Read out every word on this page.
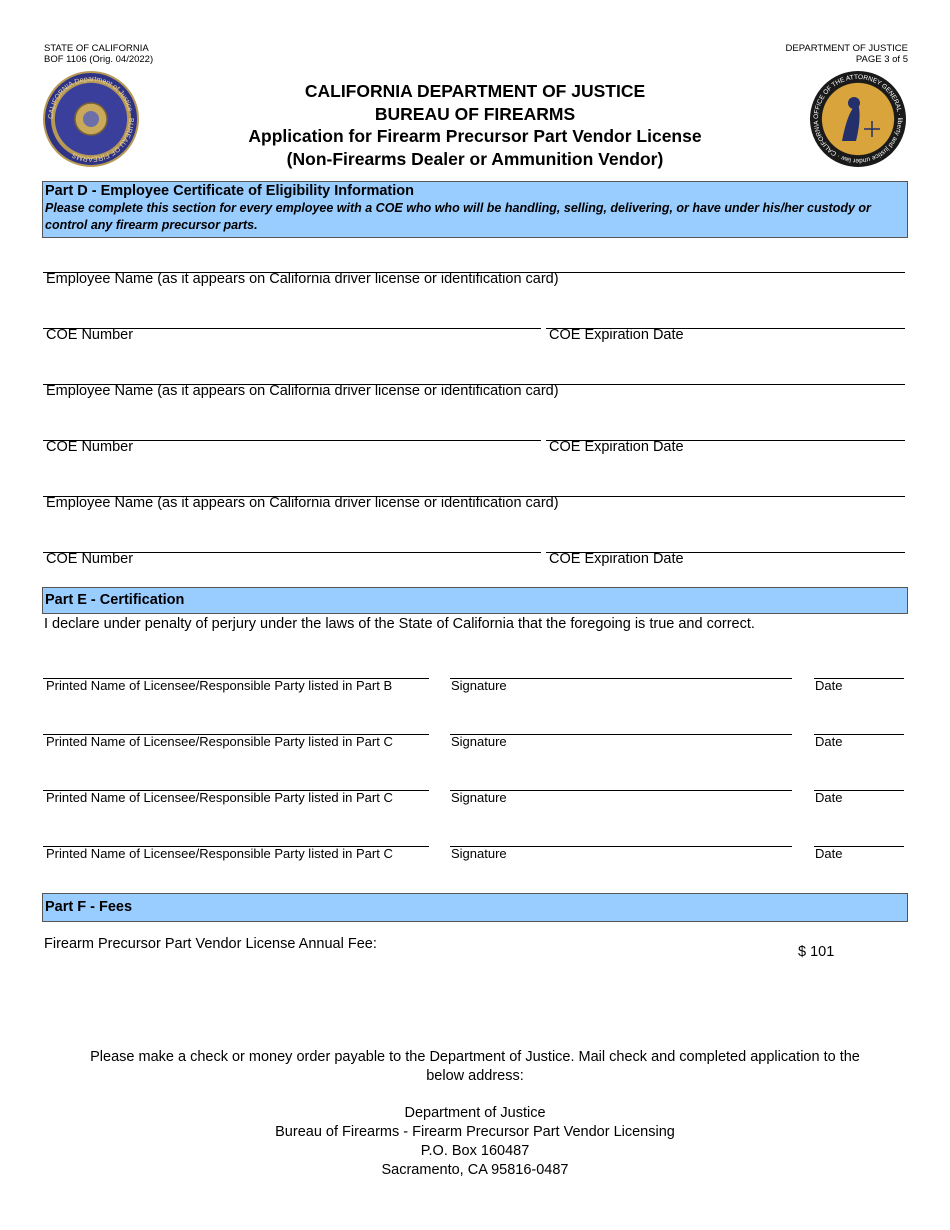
STATE OF CALIFORNIA
BOF 1106 (Orig. 04/2022)
DEPARTMENT OF JUSTICE
PAGE 3 of 5
CALIFORNIA Department of Justice · BUREAU OF FIREARMS
OFFICE OF THE ATTORNEY GENERAL · liberty and justice under law · CALIFORNIA
CALIFORNIA DEPARTMENT OF JUSTICE
BUREAU OF FIREARMS
Application for Firearm Precursor Part Vendor License
(Non-Firearms Dealer or Ammunition Vendor)
Part D - Employee Certificate of Eligibility Information
Please complete this section for every employee with a COE who who will be handling, selling, delivering, or have under his/her custody or control any firearm precursor parts.
Employee Name (as it appears on California driver license or identification card)
COE Number	COE Expiration Date
Employee Name (as it appears on California driver license or identification card)
COE Number	COE Expiration Date
Employee Name (as it appears on California driver license or identification card)
COE Number	COE Expiration Date
Part E - Certification
I declare under penalty of perjury under the laws of the State of California that the foregoing is true and correct.
Printed Name of Licensee/Responsible Party listed in Part B	Signature	Date
Printed Name of Licensee/Responsible Party listed in Part C	Signature	Date
Printed Name of Licensee/Responsible Party listed in Part C	Signature	Date
Printed Name of Licensee/Responsible Party listed in Part C	Signature	Date
Part F - Fees
Firearm Precursor Part Vendor License Annual Fee:	$ 101
Please make a check or money order payable to the Department of Justice. Mail check and completed application to the
below address:
Department of Justice
Bureau of Firearms - Firearm Precursor Part Vendor Licensing
P.O. Box 160487
Sacramento, CA 95816-0487
